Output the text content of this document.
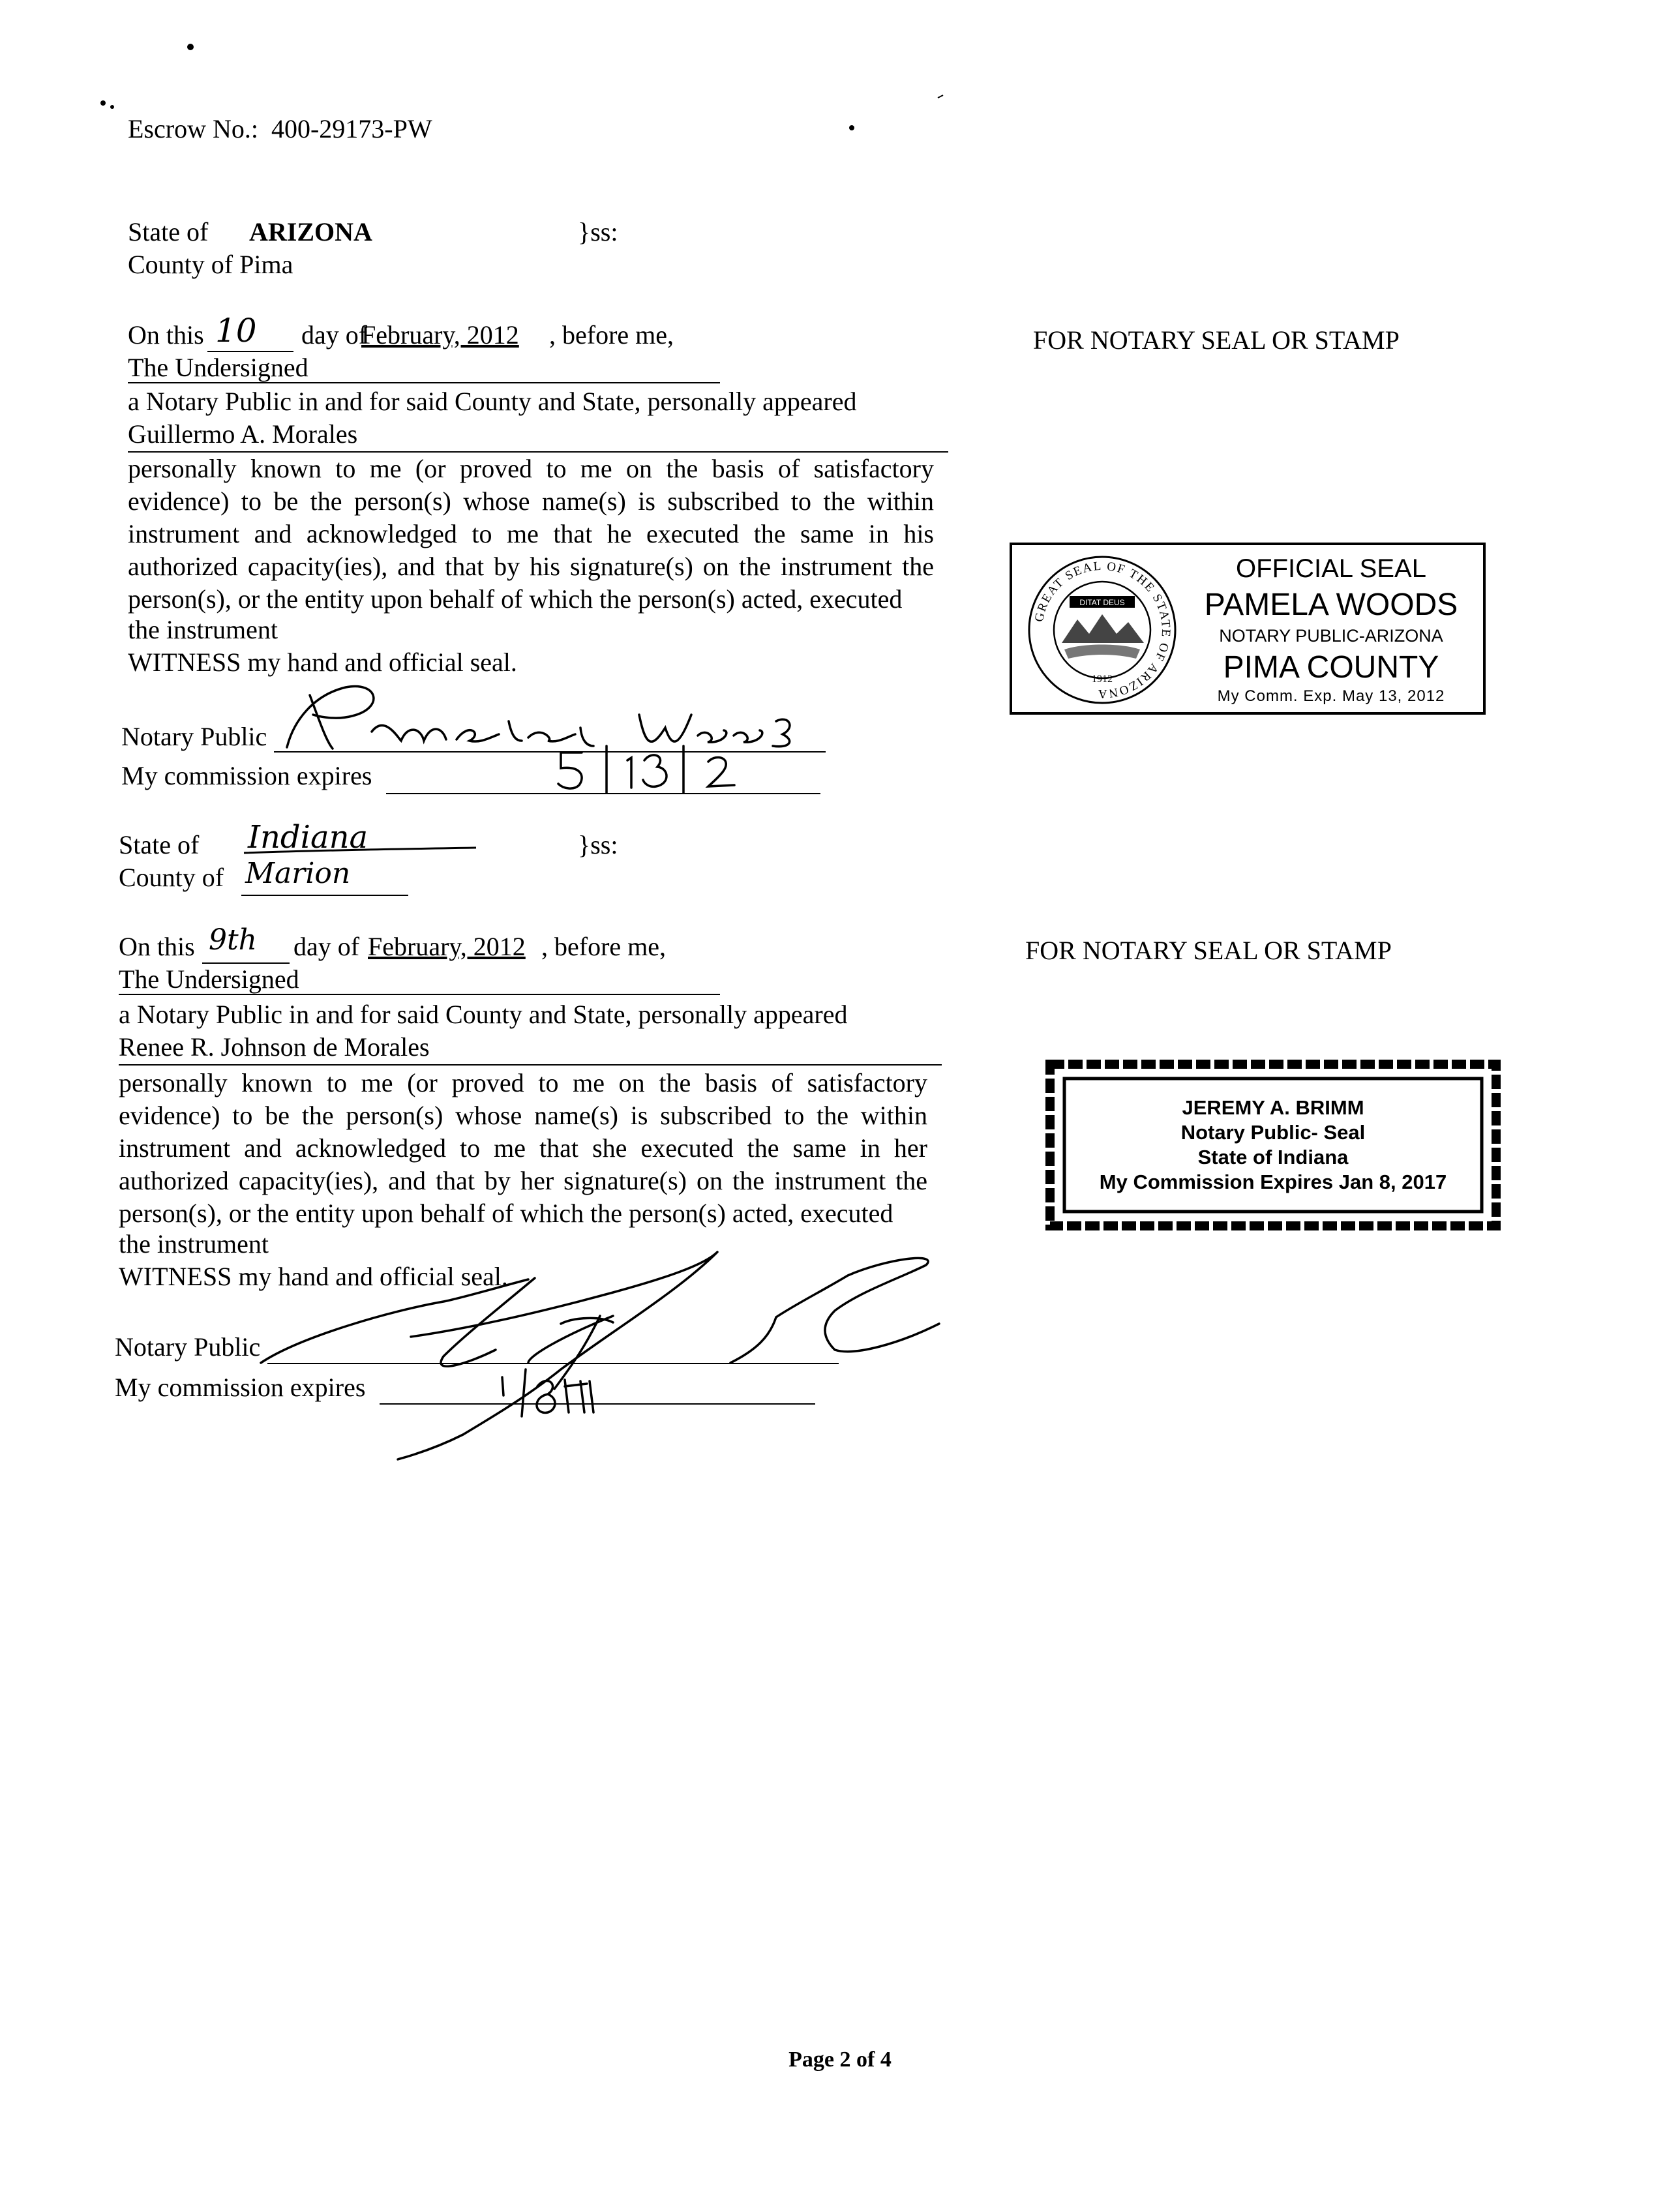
Escrow No.: 400-29173-PW
State of ARIZONA	}ss:
County of Pima
On this 10 day of
February, 2012 , before me,
The Undersigned
a Notary Public in and for said County and State, personally appeared
Guillermo A. Morales
personally known to me (or proved to me on the basis of satisfactory evidence) to be the person(s) whose name(s) is subscribed to the within instrument and acknowledged to me that he executed the same in his authorized capacity(ies), and that by his signature(s) on the instrument the person(s), or the entity upon behalf of which the person(s) acted, executed
the instrument
WITNESS my hand and official seal.
Notary Public
My commission expires
FOR NOTARY SEAL OR STAMP
GREAT SEAL OF THE STATE OF ARIZONA
DITAT DEUS
1912
OFFICIAL SEAL
PAMELA WOODS
NOTARY PUBLIC-ARIZONA
PIMA COUNTY
My Comm. Exp. May 13, 2012
State of Indiana	}ss:
County of Marion
On this 9th day of February, 2012 , before me,
The Undersigned
a Notary Public in and for said County and State, personally appeared
Renee R. Johnson de Morales
personally known to me (or proved to me on the basis of satisfactory evidence) to be the person(s) whose name(s) is subscribed to the within instrument and acknowledged to me that she executed the same in her authorized capacity(ies), and that by her signature(s) on the instrument the person(s), or the entity upon behalf of which the person(s) acted, executed
the instrument
WITNESS my hand and official seal.
Notary Public
My commission expires
FOR NOTARY SEAL OR STAMP
JEREMY A. BRIMM
Notary Public- Seal
State of Indiana
My Commission Expires Jan 8, 2017
Page 2 of 4
